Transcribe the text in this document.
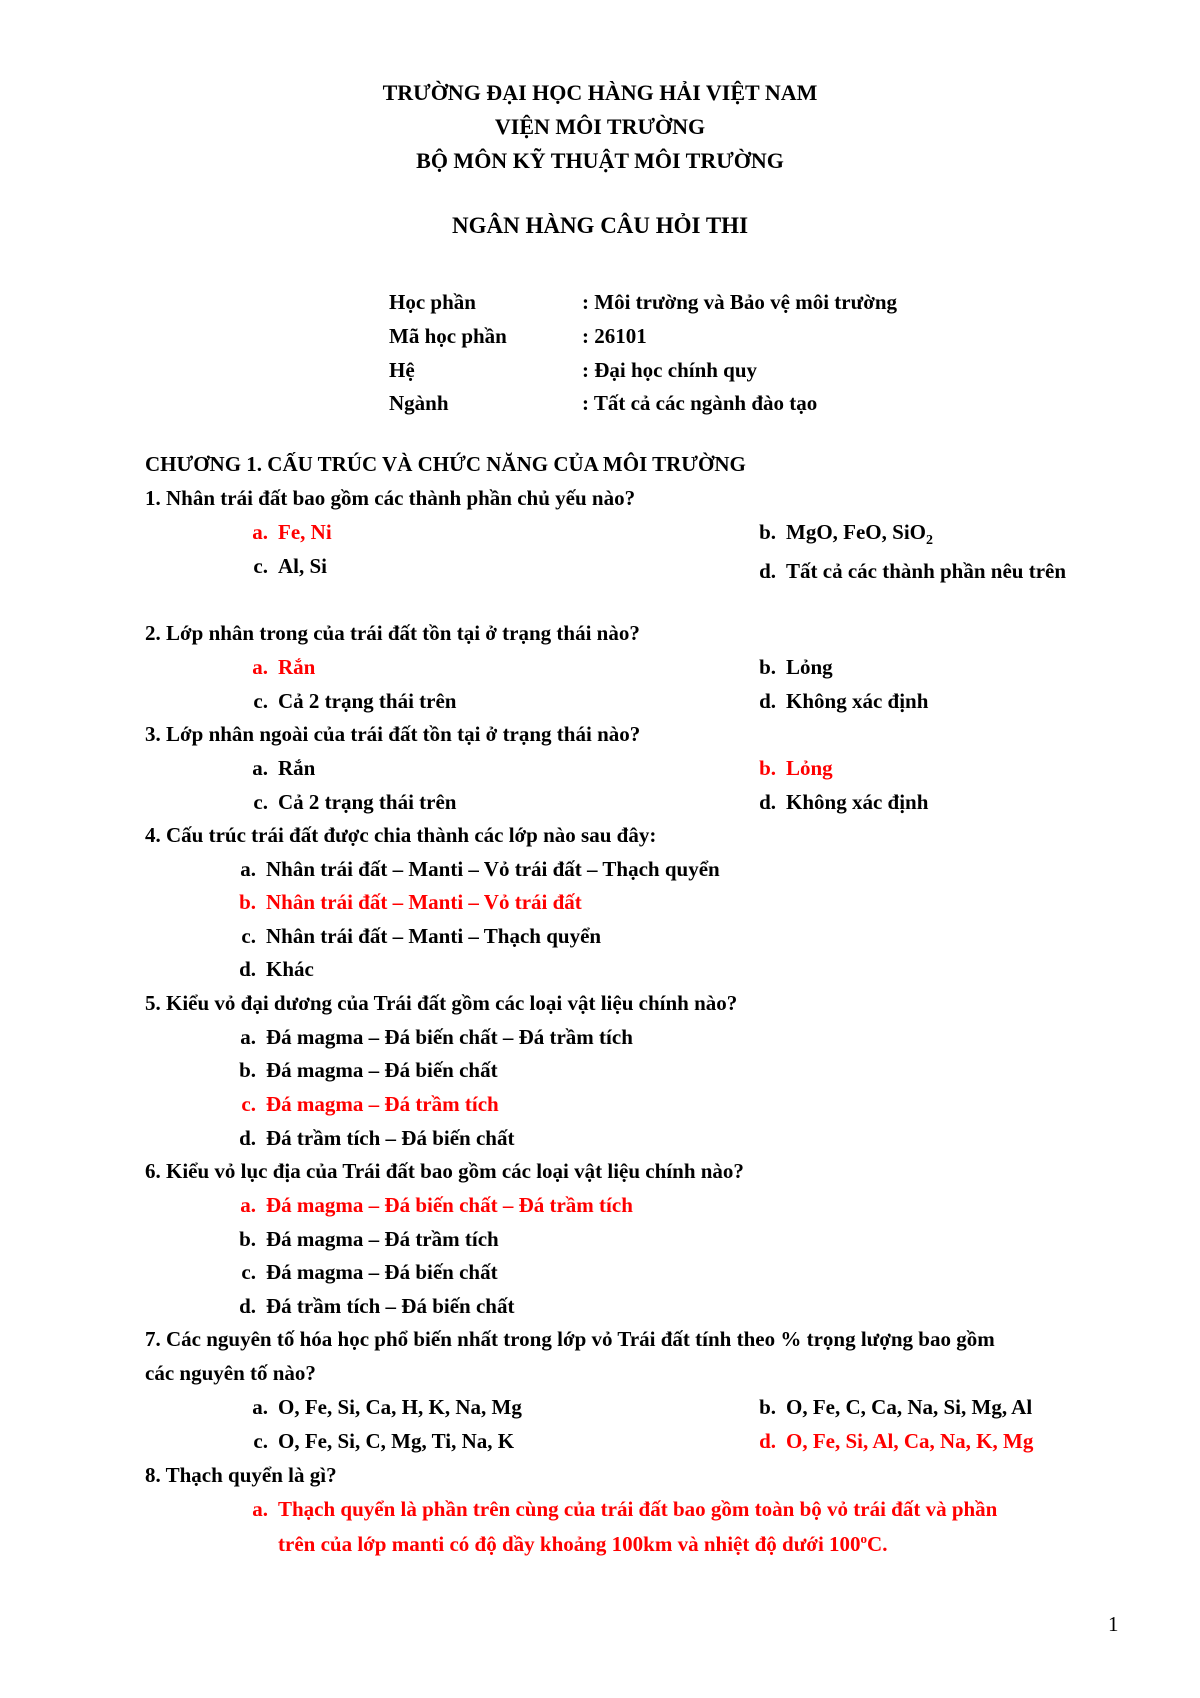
TRƯỜNG ĐẠI HỌC HÀNG HẢI VIỆT NAM
VIỆN MÔI TRƯỜNG
BỘ MÔN KỸ THUẬT MÔI TRƯỜNG
NGÂN HÀNG CÂU HỎI THI
Học phần	: Môi trường và Bảo vệ môi trường
Mã học phần	: 26101
Hệ	: Đại học chính quy
Ngành	: Tất cả các ngành đào tạo
CHƯƠNG 1. CẤU TRÚC VÀ CHỨC NĂNG CỦA MÔI TRƯỜNG
1. Nhân trái đất bao gồm các thành phần chủ yếu nào?
a. Fe, Ni	b. MgO, FeO, SiO$_2$
c. Al, Si	d. Tất cả các thành phần nêu trên
2. Lớp nhân trong của trái đất tồn tại ở trạng thái nào?
a. Rắn	b. Lỏng
c. Cả 2 trạng thái trên	d. Không xác định
3. Lớp nhân ngoài của trái đất tồn tại ở trạng thái nào?
a. Rắn	b. Lỏng
c. Cả 2 trạng thái trên	d. Không xác định
4. Cấu trúc trái đất được chia thành các lớp nào sau đây:
a. Nhân trái đất – Manti – Vỏ trái đất – Thạch quyển
b. Nhân trái đất – Manti – Vỏ trái đất
c. Nhân trái đất – Manti – Thạch quyển
d. Khác
5. Kiểu vỏ đại dương của Trái đất gồm các loại vật liệu chính nào?
a. Đá magma – Đá biến chất – Đá trầm tích
b. Đá magma – Đá biến chất
c. Đá magma – Đá trầm tích
d. Đá trầm tích – Đá biến chất
6. Kiểu vỏ lục địa của Trái đất bao gồm các loại vật liệu chính nào?
a. Đá magma – Đá biến chất – Đá trầm tích
b. Đá magma – Đá trầm tích
c. Đá magma – Đá biến chất
d. Đá trầm tích – Đá biến chất
7. Các nguyên tố hóa học phổ biến nhất trong lớp vỏ Trái đất tính theo % trọng lượng bao gồm
các nguyên tố nào?
a. O, Fe, Si, Ca, H, K, Na, Mg	b. O, Fe, C, Ca, Na, Si, Mg, Al
c. O, Fe, Si, C, Mg, Ti, Na, K	d. O, Fe, Si, Al, Ca, Na, K, Mg
8. Thạch quyển là gì?
a. Thạch quyển là phần trên cùng của trái đất bao gồm toàn bộ vỏ trái đất và phần
trên của lớp manti có độ dầy khoảng 100km và nhiệt độ dưới 100$^o$C.
1
